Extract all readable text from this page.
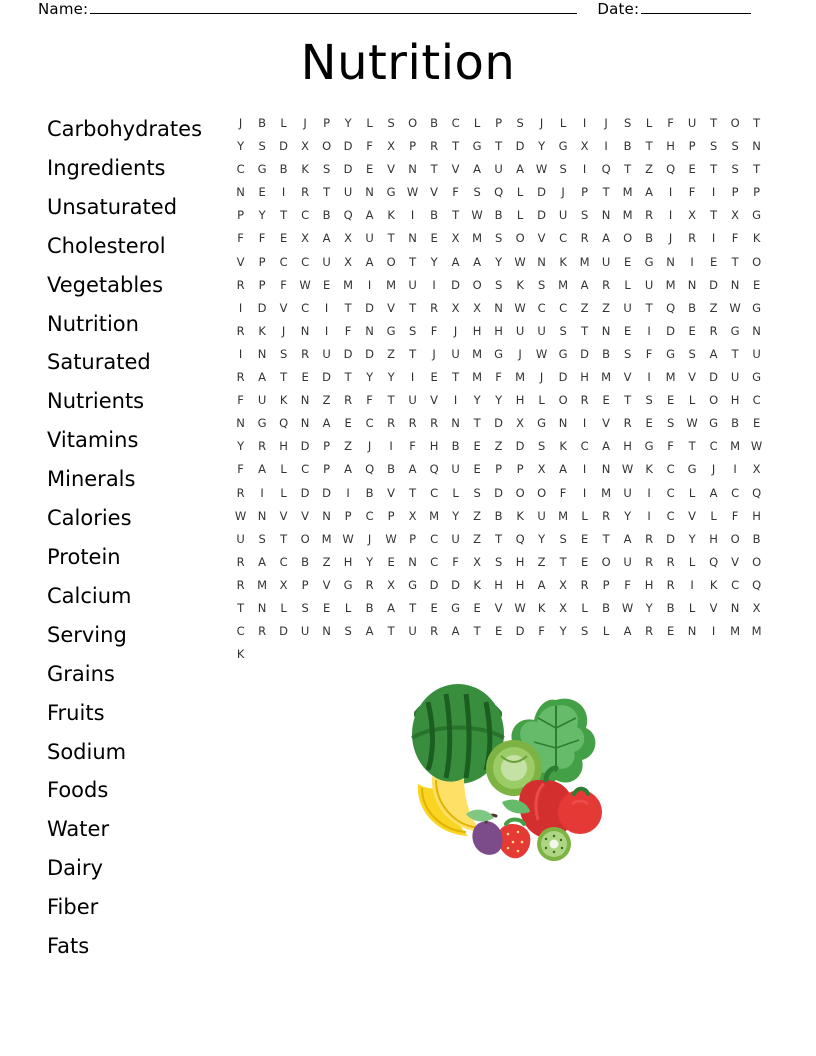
Name:	Date:
Nutrition
Carbohydrates
Ingredients
Unsaturated
Cholesterol
Vegetables
Nutrition
Saturated
Nutrients
Vitamins
Minerals
Calories
Protein
Calcium
Serving
Grains
Fruits
Sodium
Foods
Water
Dairy
Fiber
Fats
J	B	L	J	P	Y	L	S	O	B	C	L	P	S	J	L	I	J	S	L	F	U	T	O	T
Y	S	D	X	O	D	F	X	P	R	T	G	T	D	Y	G	X	I	B	T	H	P	S	S	N
C	G	B	K	S	D	E	V	N	T	V	A	U	A	W	S	I	Q	T	Z	Q	E	T	S	T
N	E	I	R	T	U	N	G W	V	F	S	Q	L	D	J	P	T	M	A	I	F	I	P	P
P	Y	T	C	B	Q	A	K	I	B	T	W	B	L	D	U	S	N	M	R	I	X	T	X	G
F	F	E	X	A	X	U	T	N	E	X	M	S	O	V	C	R	A	O	B	J	R	I	F	K
V	P	C	C	U	X	A	O	T	Y	A	A	Y	W N	K	M	U	E	G	N	I	E	T	O
R	P	F	W	E	M	I	M	U	I	D	O	S	K	S	M	A	R	L	U	M	N	D	N	E
I	D	V	C	I	T	D	V	T	R	X	X	N W	C	C	Z	Z	U	T	Q	B	Z	W G
R	K	J	N	I	F	N	G	S	F	J	H	H	U	U	S	T	N	E	I	D	E	R	G	N
I	N	S	R	U	D	D	Z	T	J	U	M	G	J	W G	D	B	S	F	G	S	A	T	U
R	A	T	E	D	T	Y	Y	I	E	T	M	F	M	J	D	H	M	V	I	M	V	D	U	G
F	U	K	N	Z	R	F	T	U	V	I	Y	Y	H	L	O	R	E	T	S	E	L	O	H	C
N	G	Q	N	A	E	C	R	R	R	N	T	D	X	G	N	I	V	R	E	S	W G	B	E
Y	R	H	D	P	Z	J	I	F	H	B	E	Z	D	S	K	C	A	H	G	F	T	C	M W
F	A	L	C	P	A	Q	B	A	Q	U	E	P	P	X	A	I	N W	K	C	G	J	I	X
R	I	L	D	D	I	B	V	T	C	L	S	D	O	O	F	I	M	U	I	C	L	A	C	Q
W N	V	V	N	P	C	P	X	M	Y	Z	B	K	U	M	L	R	Y	I	C	V	L	F	H
U	S	T	O	M W	J	W	P	C	U	Z	T	Q	Y	S	E	T	A	R	D	Y	H	O	B
R	A	C	B	Z	H	Y	E	N	C	F	X	S	H	Z	T	E	O	U	R	R	L	Q	V	O
R	M	X	P	V	G	R	X	G	D	D	K	H	H	A	X	R	P	F	H	R	I	K	C	Q
T	N	L	S	E	L	B	A	T	E	G	E	V	W	K	X	L	B	W	Y	B	L	V	N	X
C	R	D	U	N	S	A	T	U	R	A	T	E	D	F	Y	S	L	A	R	E	N	I	M M
K
